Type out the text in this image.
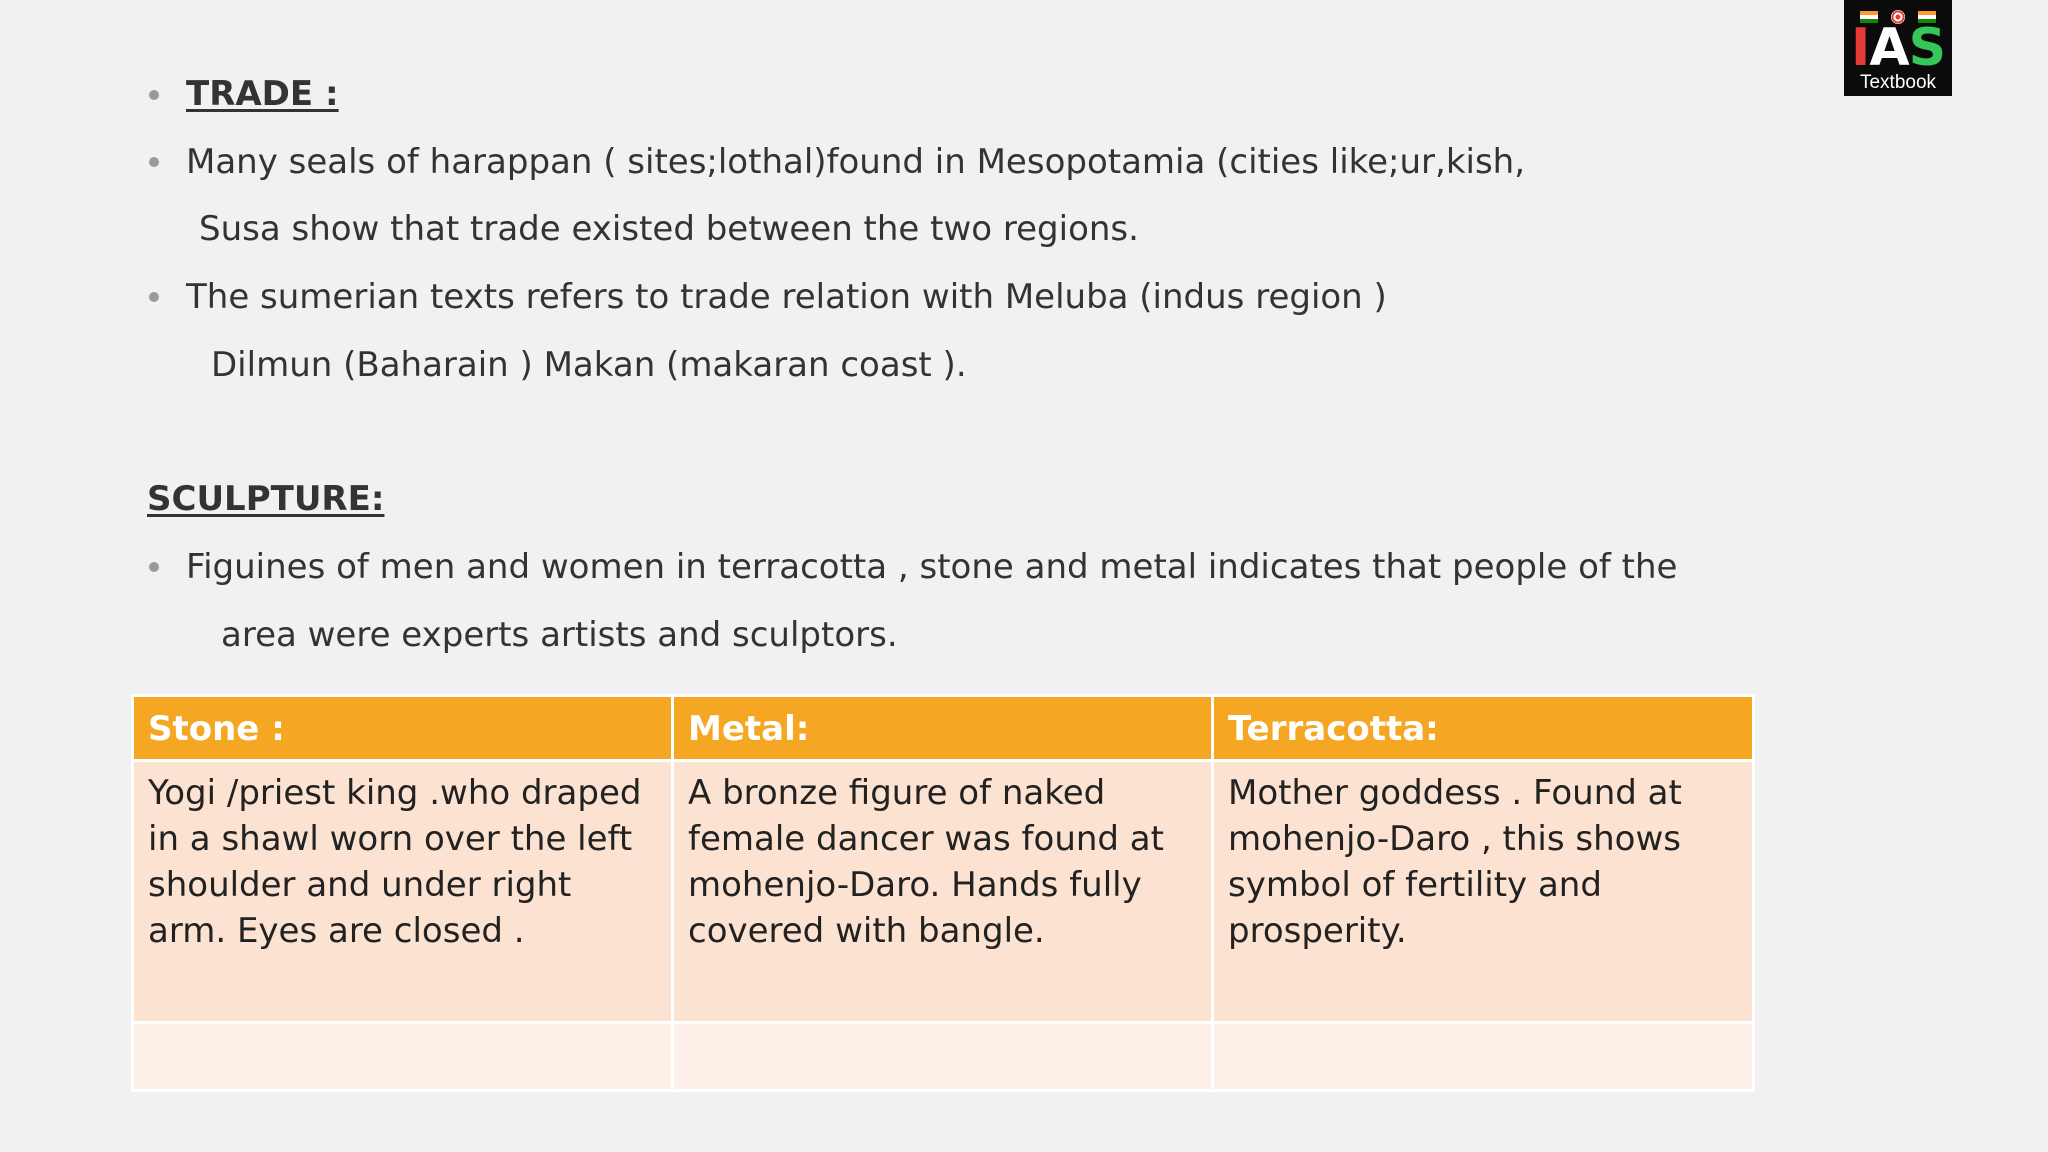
IAS
Textbook
TRADE :
Many seals of harappan ( sites;lothal)found in Mesopotamia (cities like;ur,kish,
Susa show that trade existed between the two regions.
The sumerian texts refers to trade relation with Meluba (indus region )
Dilmun (Baharain ) Makan (makaran coast ).
SCULPTURE:
Figuines of men and women in terracotta , stone and metal indicates that people of the
area were experts artists and sculptors.
Stone :	Metal:	Terracotta:
Yogi /priest king .who draped in a shawl worn over the left shoulder and under right arm. Eyes are closed .	A bronze figure of naked female dancer was found at mohenjo-Daro. Hands fully covered with bangle.	Mother goddess . Found at mohenjo-Daro , this shows symbol of fertility and prosperity.
